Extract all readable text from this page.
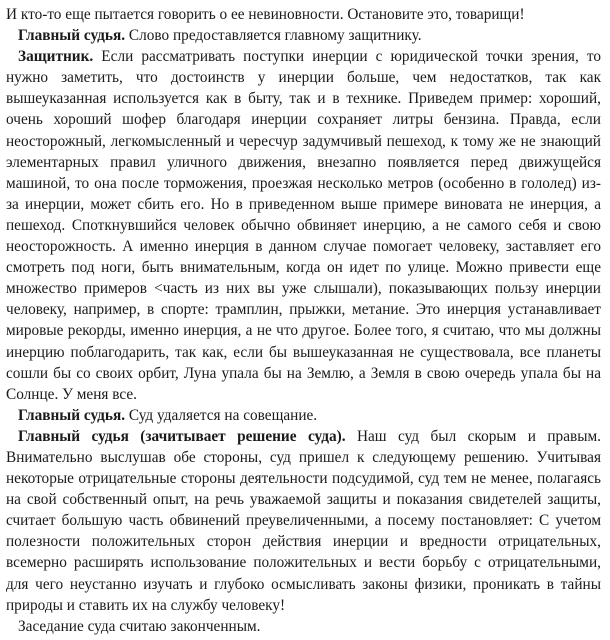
И кто-то еще пытается говорить о ее невиновности. Остановите это, товарищи!

Главный судья. Слово предоставляется главному защитнику.

Защитник. Если рассматривать поступки инерции с юридической точки зрения, то нужно заметить, что достоинств у инерции больше, чем недостатков, так как вышеуказанная используется как в быту, так и в технике. Приведем пример: хороший, очень хороший шофер благодаря инерции сохраняет литры бензина. Правда, если неосторожный, легкомысленный и чересчур задумчивый пешеход, к тому же не знающий элементарных правил уличного движения, внезапно появляется перед движущейся машиной, то она после торможения, проезжая несколько метров (особенно в гололед) из-за инерции, может сбить его. Но в приведенном выше примере виновата не инерция, а пешеход. Споткнувшийся человек обычно обвиняет инерцию, а не самого себя и свою неосторожность. А именно инерция в данном случае помогает человеку, заставляет его смотреть под ноги, быть внимательным, когда он идет по улице. Можно привести еще множество примеров <часть из них вы уже слышали), показывающих пользу инерции человеку, например, в спорте: трамплин, прыжки, метание. Это инерция устанавливает мировые рекорды, именно инерция, а не что другое. Более того, я считаю, что мы должны инерцию поблагодарить, так как, если бы вышеуказанная не существовала, все планеты сошли бы со своих орбит, Луна упала бы на Землю, а Земля в свою очередь упала бы на Солнце. У меня все.

Главный судья. Суд удаляется на совещание.

Главный судья (зачитывает решение суда). Наш суд был скорым и правым. Внимательно выслушав обе стороны, суд пришел к следующему решению. Учитывая некоторые отрицательные стороны деятельности подсудимой, суд тем не менее, полагаясь на свой собственный опыт, на речь уважаемой защиты и показания свидетелей защиты, считает большую часть обвинений преувеличенными, а посему постановляет: С учетом полезности положительных сторон действия инерции и вредности отрицательных, всемерно расширять использование положительных и вести борьбу с отрицательными, для чего неустанно изучать и глубоко осмысливать законы физики, проникать в тайны природы и ставить их на службу человеку!

Заседание суда считаю законченным.
